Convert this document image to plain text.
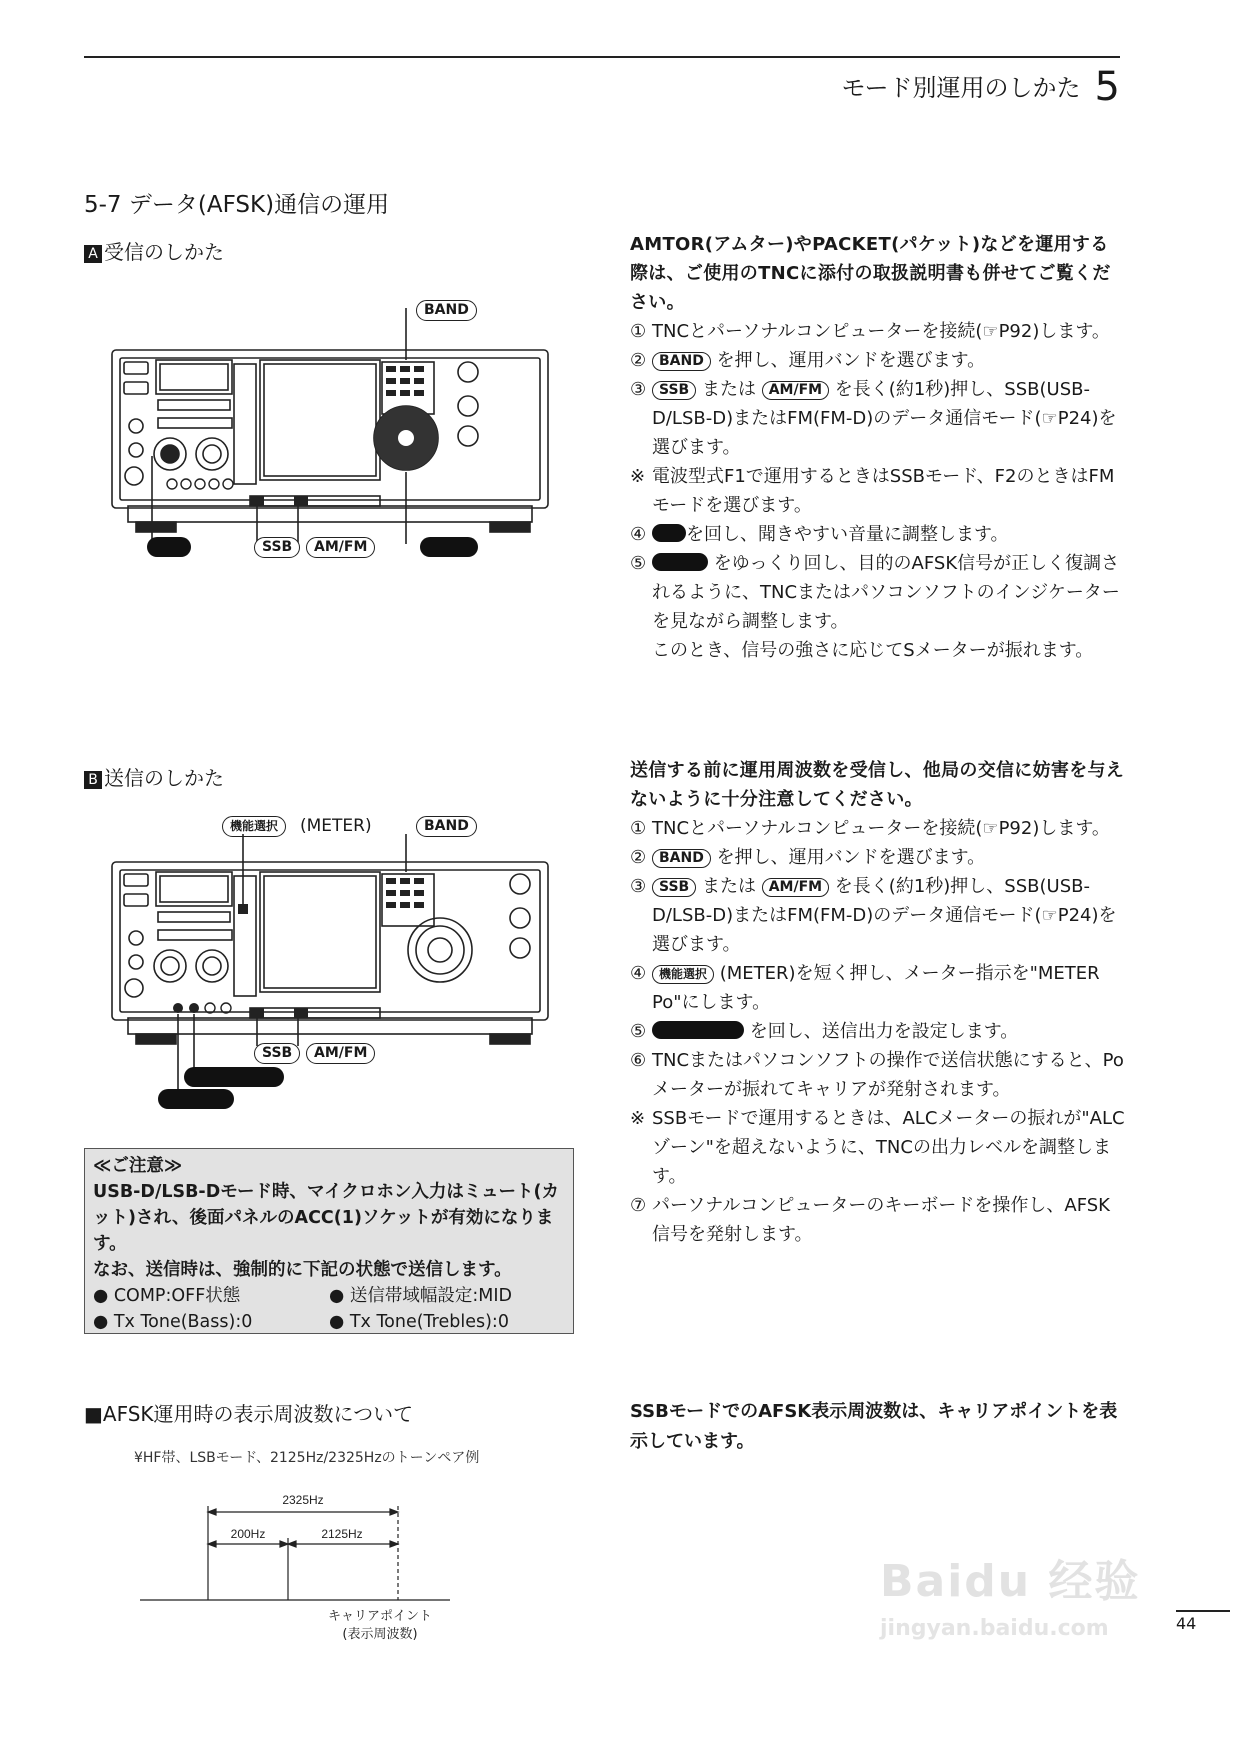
モード別運用のしかた 5
5-7 データ(AFSK)通信の運用
A 受信のしかた
BAND
SSB	AM/FM

AMTOR(アムター)やPACKET(パケット)などを運用する際は、ご使用のTNCに添付の取扱説明書も併せてご覧ください。

① TNCとパーソナルコンピューターを接続(☞P92)します。
② BAND を押し、運用バンドを選びます。
③ SSB または AM/FM を長く(約1秒)押し、SSB(USB-D/LSB-D)またはFM(FM-D)のデータ通信モード(☞P24)を選びます。
※ 電波型式F1で運用するときはSSBモード、F2のときはFMモードを選びます。
④	を回し、聞きやすい音量に調整します。
⑤	をゆっくり回し、目的のAFSK信号が正しく復調されるように、TNCまたはパソコンソフトのインジケーターを見ながら調整します。
このとき、信号の強さに応じてSメーターが振れます。
B 送信のしかた
機能選択	(METER)	BAND
SSB	AM/FM

送信する前に運用周波数を受信し、他局の交信に妨害を与えないように十分注意してください。

① TNCとパーソナルコンピューターを接続(☞P92)します。
② BAND を押し、運用バンドを選びます。
③ SSB または AM/FM を長く(約1秒)押し、SSB(USB-D/LSB-D)またはFM(FM-D)のデータ通信モード(☞P24)を選びます。
④	機能選択 (METER)を短く押し、メーター指示を"METER Po"にします。
⑤	を回し、送信出力を設定します。
⑥ TNCまたはパソコンソフトの操作で送信状態にすると、Poメーターが振れてキャリアが発射されます。
※ SSBモードで運用するときは、ALCメーターの振れが"ALCゾーン"を超えないように、TNCの出力レベルを調整します。
⑦ パーソナルコンピューターのキーボードを操作し、AFSK信号を発射します。

≪ご注意≫

USB-D/LSB-Dモード時、マイクロホン入力はミュート(カット)され、後面パネルのACC(1)ソケットが有効になります。

なお、送信時は、強制的に下記の状態で送信します。

● COMP:OFF状態	● 送信帯域幅設定:MID
● Tx Tone(Bass):0	● Tx Tone(Trebles):0
■AFSK運用時の表示周波数について
¥HF帯、LSBモード、2125Hz/2325Hzのトーンペア例
2325Hz
200Hz	2125Hz
キャリアポイント
(表示周波数)
SSBモードでのAFSK表示周波数は、キャリアポイントを表示しています。
Baidu 经验
jingyan.baidu.com	44
